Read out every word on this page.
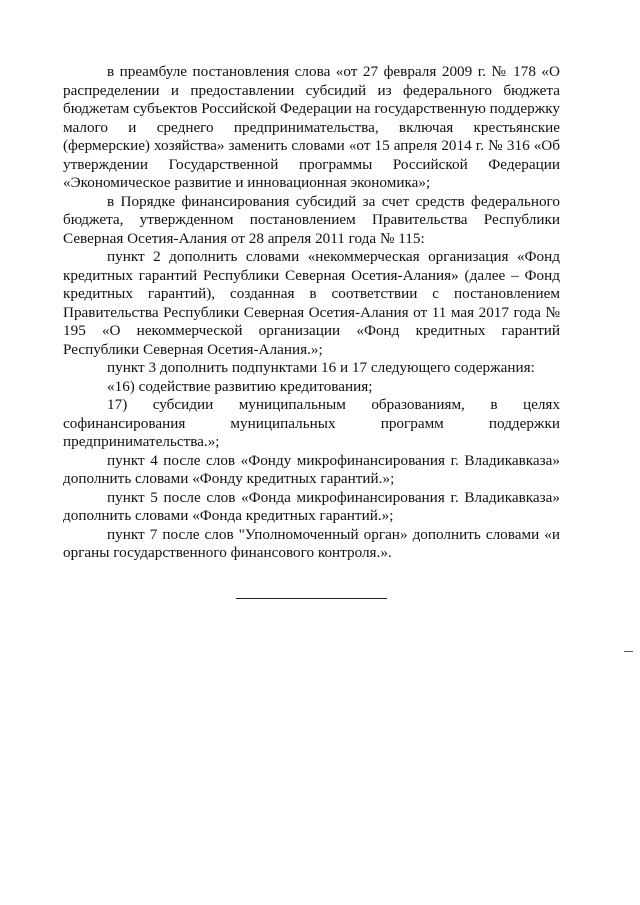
в преамбуле постановления слова «от 27 февраля 2009 г. № 178 «О распределении и предоставлении субсидий из федерального бюджета бюджетам субъектов Российской Федерации на государственную поддержку малого и среднего предпринимательства, включая крестьянские (фермерские) хозяйства» заменить словами «от 15 апреля 2014 г. № 316 «Об утверждении Государственной программы Российской Федерации «Экономическое развитие и инновационная экономика»;

в Порядке финансирования субсидий за счет средств федерального бюджета, утвержденном постановлением Правительства Республики Северная Осетия-Алания от 28 апреля 2011 года № 115:

пункт 2 дополнить словами «некоммерческая организация «Фонд кредитных гарантий Республики Северная Осетия-Алания» (далее – Фонд кредитных гарантий), созданная в соответствии с постановлением Правительства Республики Северная Осетия-Алания от 11 мая 2017 года № 195 «О некоммерческой организации «Фонд кредитных гарантий Республики Северная Осетия-Алания.»;

пункт 3 дополнить подпунктами 16 и 17 следующего содержания:

«16) содействие развитию кредитования;

17) субсидии муниципальным образованиям, в целях софинансирования муниципальных программ поддержки предпринимательства.»;

пункт 4 после слов «Фонду микрофинансирования г. Владикавказа» дополнить словами «Фонду кредитных гарантий.»;

пункт 5 после слов «Фонда микрофинансирования г. Владикавказа» дополнить словами «Фонда кредитных гарантий.»;

пункт 7 после слов "Уполномоченный орган» дополнить словами «и органы государственного финансового контроля.».
